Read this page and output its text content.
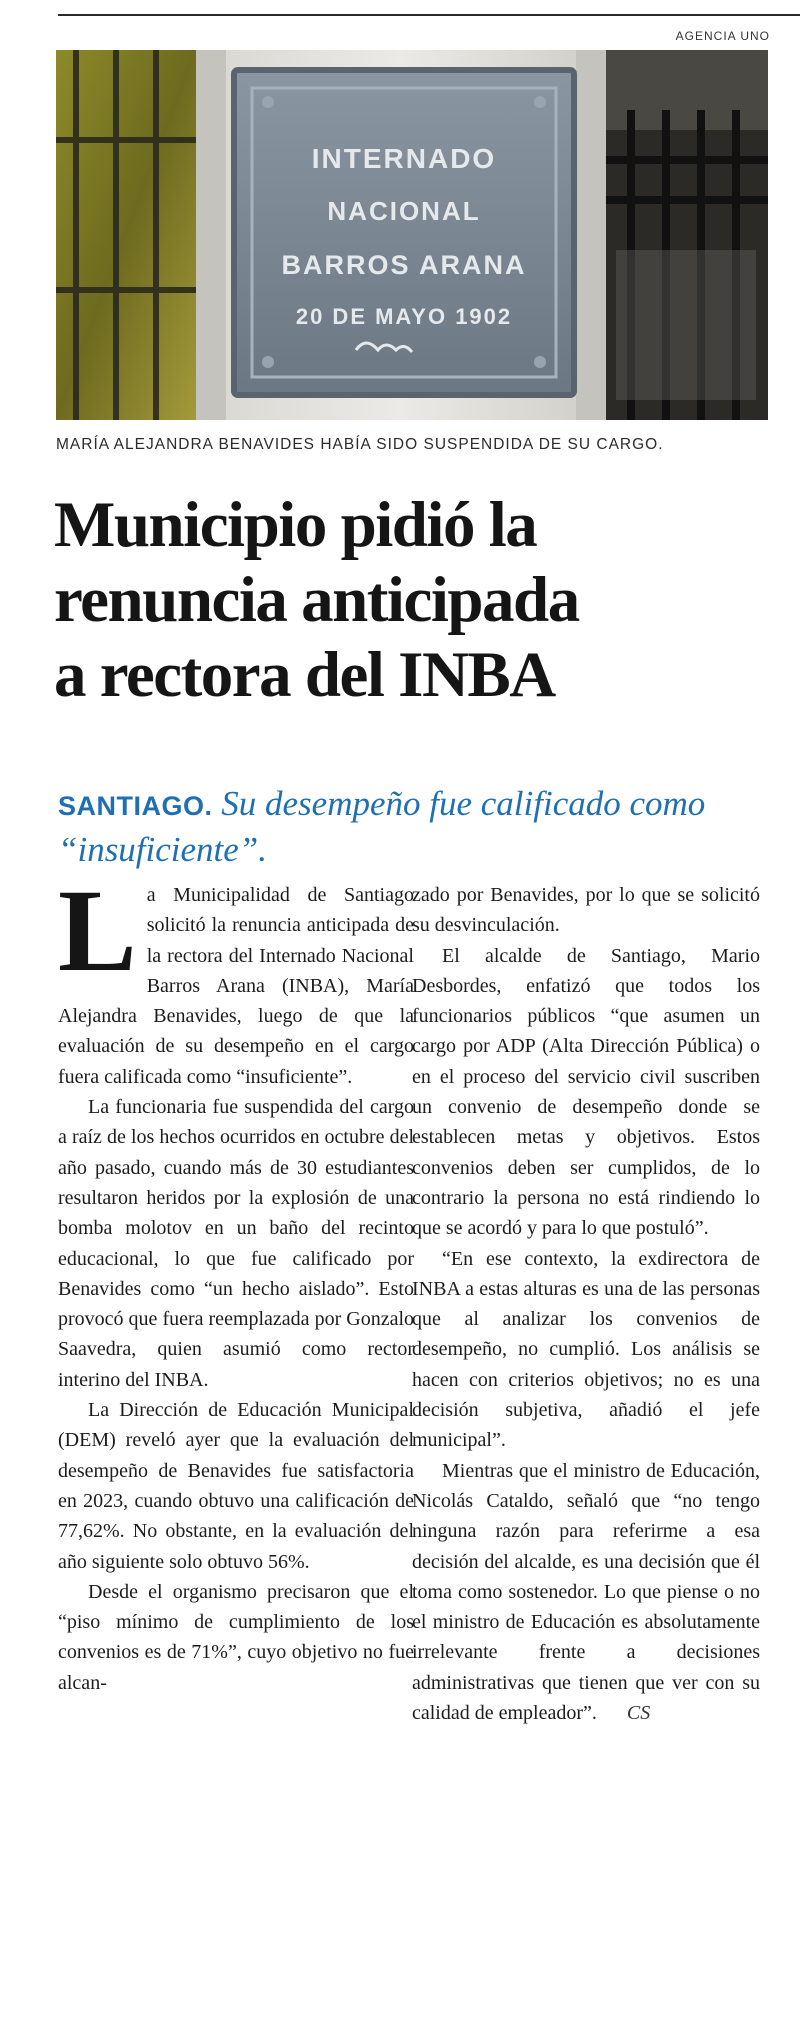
AGENCIA UNO
INTERNADO
NACIONAL
BARROS ARANA
20 DE MAYO 1902
MARÍA ALEJANDRA BENAVIDES HABÍA SIDO SUSPENDIDA DE SU CARGO.
Municipio pidió la
renuncia anticipada
a rectora del INBA
SANTIAGO. Su desempeño fue calificado como “insuficiente”.

La Municipalidad de Santiago solicitó la renuncia anticipada de la rectora del Internado Nacional Barros Arana (INBA), María Alejandra Benavides, luego de que la evaluación de su desempeño en el cargo fuera calificada como “insuficiente”.

La funcionaria fue suspendida del cargo a raíz de los hechos ocurridos en octubre del año pasado, cuando más de 30 estudiantes resultaron heridos por la explosión de una bomba molotov en un baño del recinto educacional, lo que fue calificado por Benavides como “un hecho aislado”. Esto provocó que fuera reemplazada por Gonzalo Saavedra, quien asumió como rector interino del INBA.

La Dirección de Educación Municipal (DEM) reveló ayer que la evaluación del desempeño de Benavides fue satisfactoria en 2023, cuando obtuvo una calificación de 77,62%. No obstante, en la evaluación del año siguiente solo obtuvo 56%.

Desde el organismo precisaron que el “piso mínimo de cumplimiento de los convenios es de 71%”, cuyo objetivo no fue alcan-

zado por Benavides, por lo que se solicitó su desvinculación.

El alcalde de Santiago, Mario Desbordes, enfatizó que todos los funcionarios públicos “que asumen un cargo por ADP (Alta Dirección Pública) o en el proceso del servicio civil suscriben un convenio de desempeño donde se establecen metas y objetivos. Estos convenios deben ser cumplidos, de lo contrario la persona no está rindiendo lo que se acordó y para lo que postuló”.

“En ese contexto, la exdirectora de INBA a estas alturas es una de las personas que al analizar los convenios de desempeño, no cumplió. Los análisis se hacen con criterios objetivos; no es una decisión subjetiva, añadió el jefe municipal”.

Mientras que el ministro de Educación, Nicolás Cataldo, señaló que “no tengo ninguna razón para referirme a esa decisión del alcalde, es una decisión que él toma como sostenedor. Lo que piense o no el ministro de Educación es absolutamente irrelevante frente a decisiones administrativas que tienen que ver con su calidad de empleador”. CS
